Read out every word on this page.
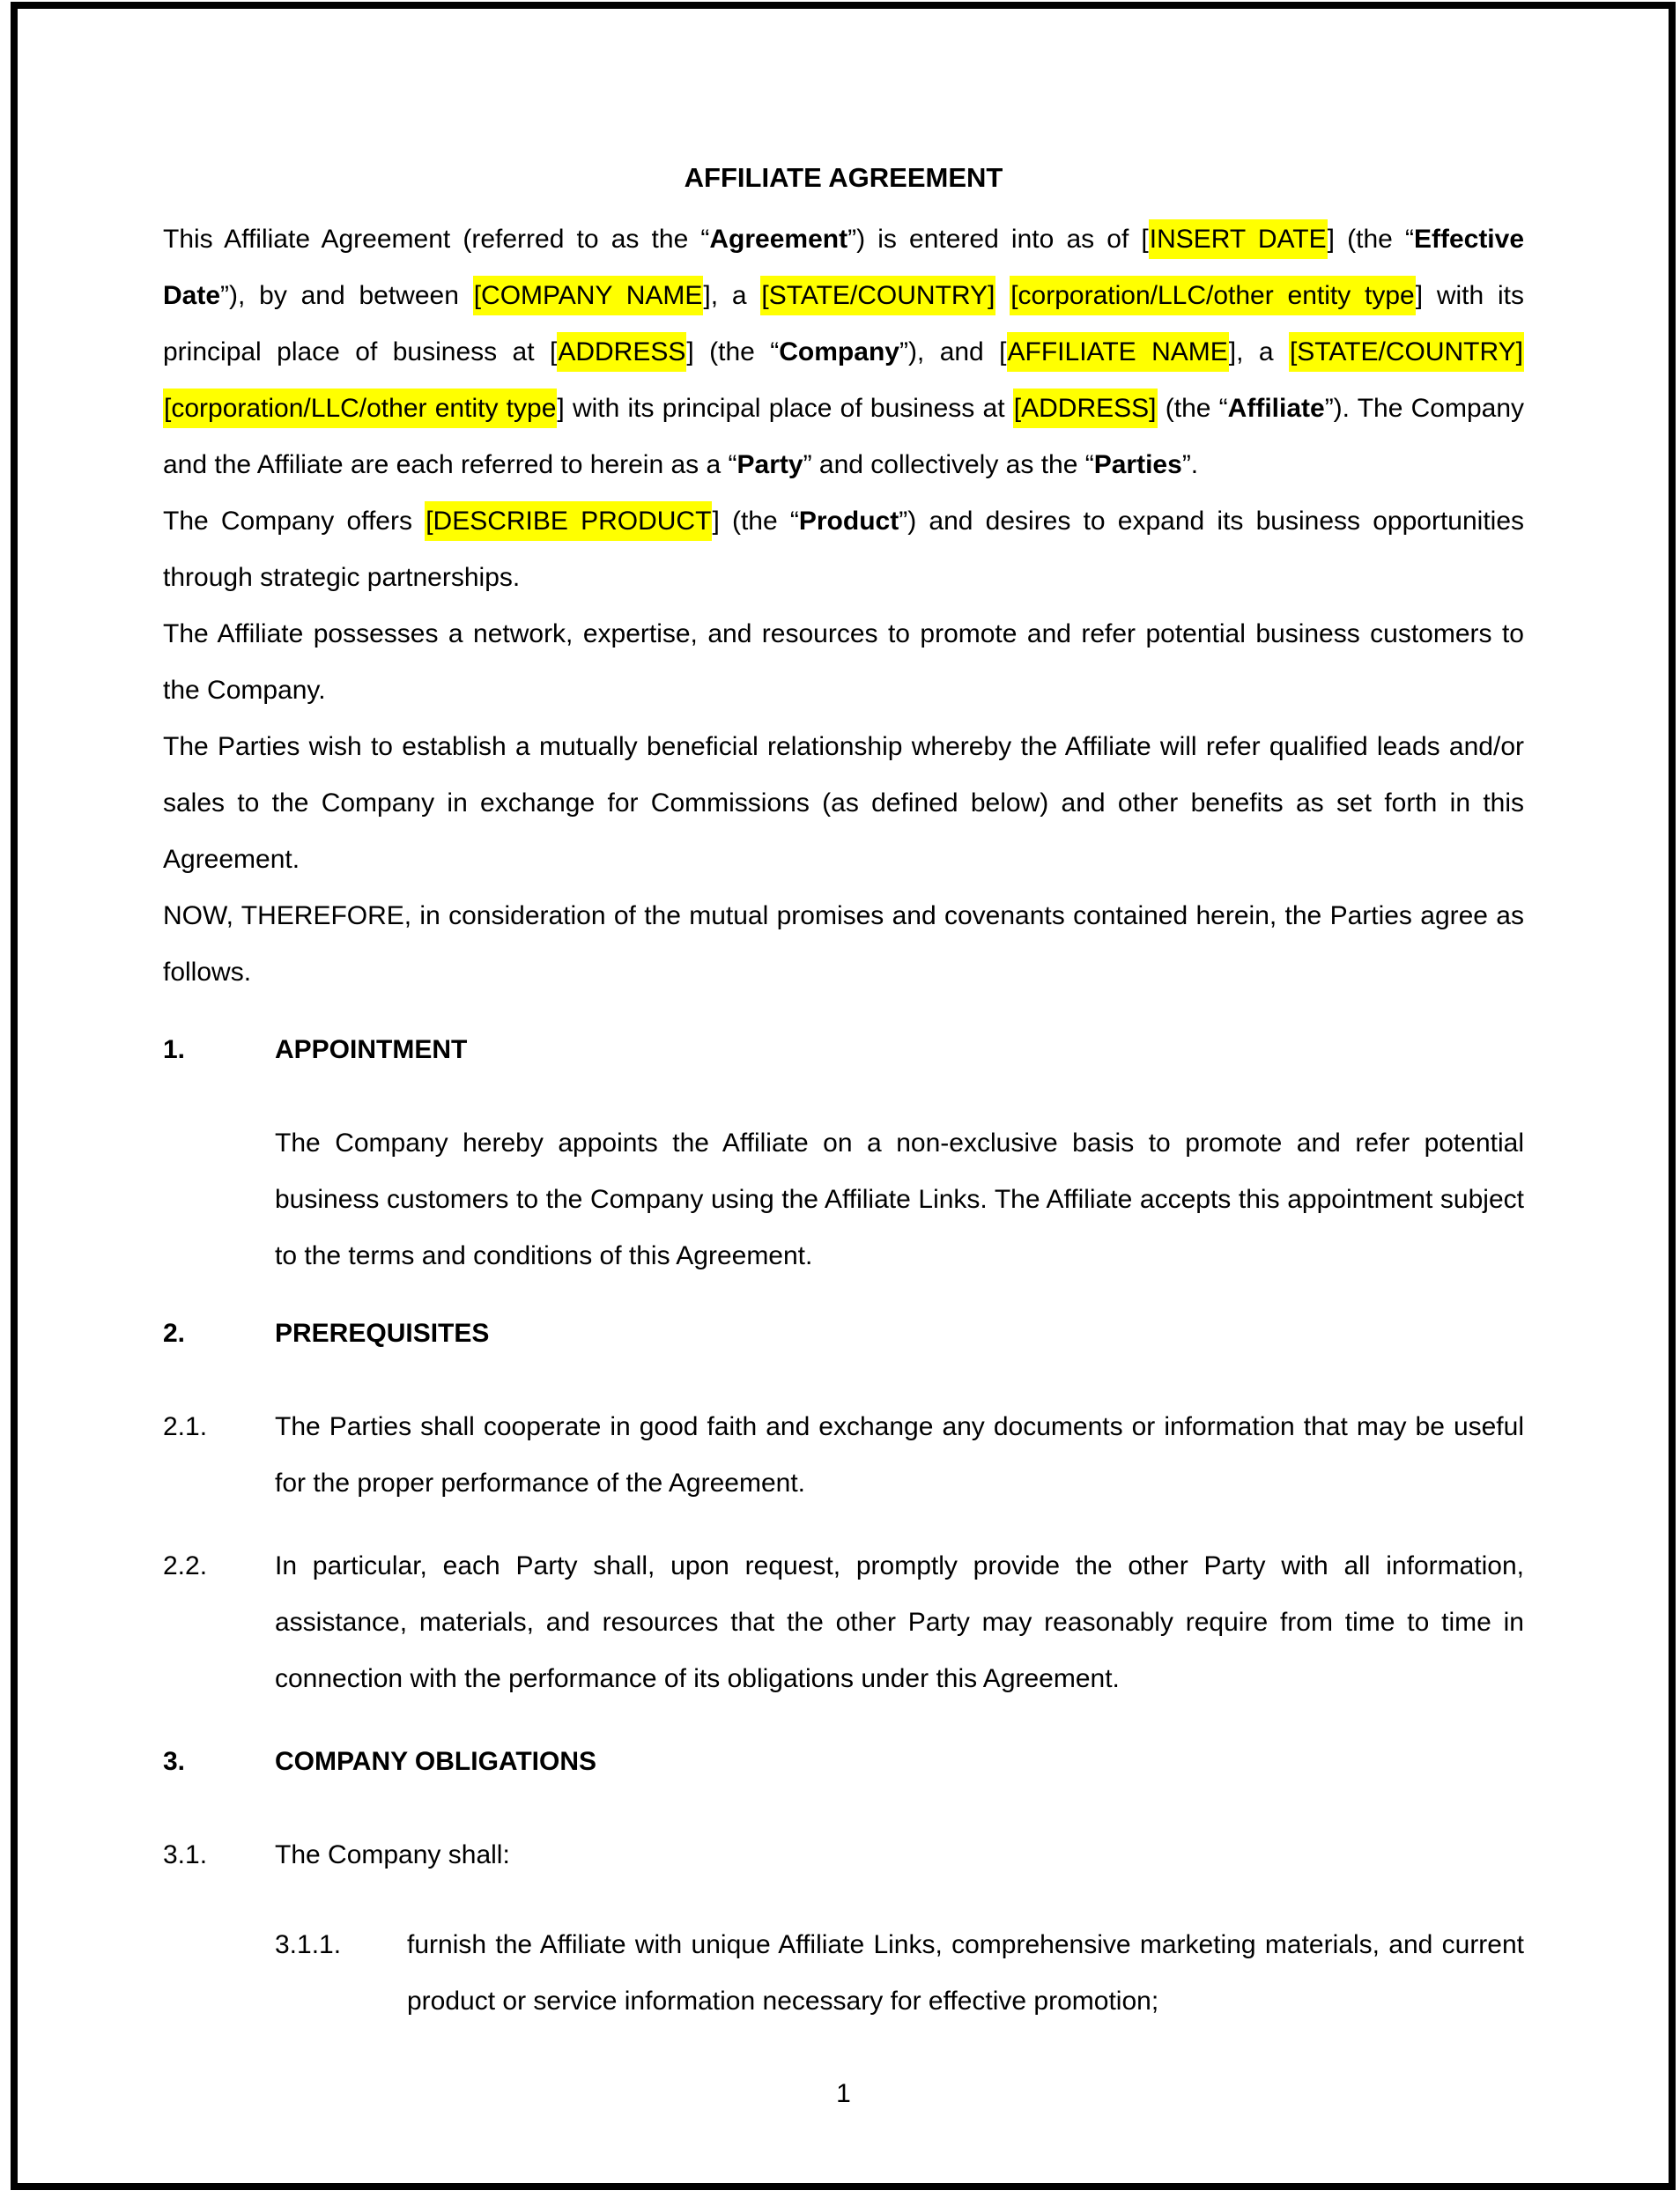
AFFILIATE AGREEMENT
This Affiliate Agreement (referred to as the “Agreement”) is entered into as of [INSERT DATE] (the “Effective Date”), by and between [COMPANY NAME], a [STATE/COUNTRY] [corporation/LLC/other entity type] with its principal place of business at [ADDRESS] (the “Company”), and [AFFILIATE NAME], a [STATE/COUNTRY] [corporation/LLC/other entity type] with its principal place of business at [ADDRESS] (the “Affiliate”). The Company and the Affiliate are each referred to herein as a “Party” and collectively as the “Parties”.
The Company offers [DESCRIBE PRODUCT] (the “Product”) and desires to expand its business opportunities through strategic partnerships.
The Affiliate possesses a network, expertise, and resources to promote and refer potential business customers to the Company.
The Parties wish to establish a mutually beneficial relationship whereby the Affiliate will refer qualified leads and/or sales to the Company in exchange for Commissions (as defined below) and other benefits as set forth in this Agreement.
NOW, THEREFORE, in consideration of the mutual promises and covenants contained herein, the Parties agree as follows.
1.	APPOINTMENT
The Company hereby appoints the Affiliate on a non-exclusive basis to promote and refer potential business customers to the Company using the Affiliate Links. The Affiliate accepts this appointment subject to the terms and conditions of this Agreement.
2.	PREREQUISITES
2.1.	The Parties shall cooperate in good faith and exchange any documents or information that may be useful for the proper performance of the Agreement.
2.2.	In particular, each Party shall, upon request, promptly provide the other Party with all information, assistance, materials, and resources that the other Party may reasonably require from time to time in connection with the performance of its obligations under this Agreement.
3.	COMPANY OBLIGATIONS
3.1.	The Company shall:
3.1.1. furnish the Affiliate with unique Affiliate Links, comprehensive marketing materials, and current product or service information necessary for effective promotion;
1
